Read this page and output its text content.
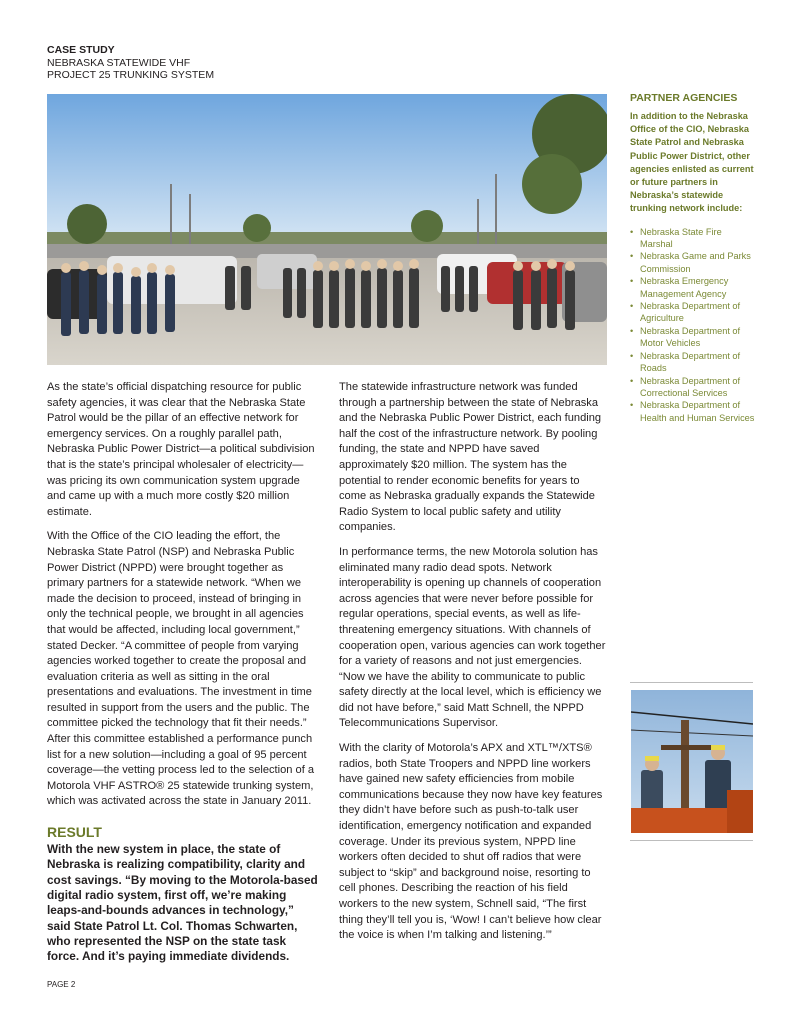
CASE STUDY
NEBRASKA STATEWIDE VHF
PROJECT 25 TRUNKING SYSTEM

As the state’s official dispatching resource for public safety agencies, it was clear that the Nebraska State Patrol would be the pillar of an effective network for emergency services. On a roughly parallel path, Nebraska Public Power District—a political subdivision that is the state’s principal wholesaler of electricity—was pricing its own communication system upgrade and came up with a much more costly $20 million estimate.

With the Office of the CIO leading the effort, the Nebraska State Patrol (NSP) and Nebraska Public Power District (NPPD) were brought together as primary partners for a statewide network. “When we made the decision to proceed, instead of bringing in only the technical people, we brought in all agencies that would be affected, including local government,” stated Decker. “A committee of people from varying agencies worked together to create the proposal and evaluation criteria as well as sitting in the oral presentations and evaluations. The investment in time resulted in support from the users and the public. The committee picked the technology that fit their needs.” After this committee established a performance punch list for a new solution—including a goal of 95 percent coverage—the vetting process led to the selection of a Motorola VHF ASTRO® 25 statewide trunking system, which was activated across the state in January 2011.

RESULT

With the new system in place, the state of Nebraska is realizing compatibility, clarity and cost savings. “By moving to the Motorola-based digital radio system, first off, we’re making leaps-and-bounds advances in technology,” said State Patrol Lt. Col. Thomas Schwarten, who represented the NSP on the state task force. And it’s paying immediate dividends.

The statewide infrastructure network was funded through a partnership between the state of Nebraska and the Nebraska Public Power District, each funding half the cost of the infrastructure network. By pooling funding, the state and NPPD have saved approximately $20 million. The system has the potential to render economic benefits for years to come as Nebraska gradually expands the Statewide Radio System to local public safety and utility companies.

In performance terms, the new Motorola solution has eliminated many radio dead spots. Network interoperability is opening up channels of cooperation across agencies that were never before possible for regular operations, special events, as well as life-threatening emergency situations. With channels of cooperation open, various agencies can work together for a variety of reasons and not just emergencies. “Now we have the ability to communicate to public safety directly at the local level, which is efficiency we did not have before,” said Matt Schnell, the NPPD Telecommunications Supervisor.

With the clarity of Motorola’s APX and XTL™/XTS® radios, both State Troopers and NPPD line workers have gained new safety efficiencies from mobile communications because they now have key features they didn’t have before such as push-to-talk user identification, emergency notification and expanded coverage. Under its previous system, NPPD line workers often decided to shut off radios that were subject to “skip” and background noise, resorting to cell phones. Describing the reaction of his field workers to the new system, Schnell said, “The first thing they’ll tell you is, ‘Wow! I can’t believe how clear the voice is when I’m talking and listening.’”

PARTNER AGENCIES
In addition to the Nebraska Office of the CIO, Nebraska State Patrol and Nebraska Public Power District, other agencies enlisted as current or future partners in Nebraska’s statewide trunking network include:
• Nebraska State Fire Marshal
• Nebraska Game and Parks Commission
• Nebraska Emergency Management Agency
• Nebraska Department of Agriculture
• Nebraska Department of Motor Vehicles
• Nebraska Department of Roads
• Nebraska Department of Correctional Services
• Nebraska Department of Health and Human Services
PAGE 2
